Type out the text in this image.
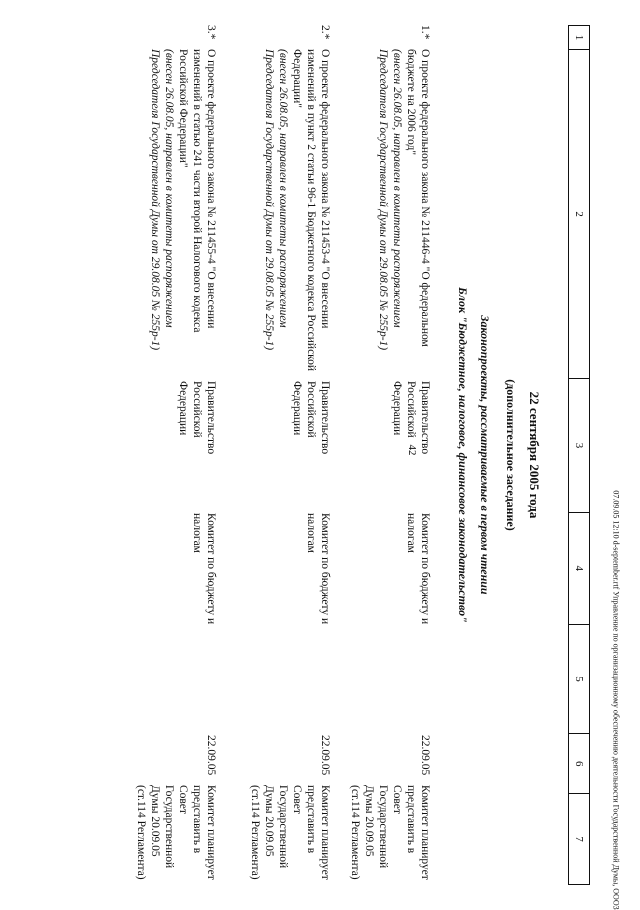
42
07.09.05 12:10 d-september.rtf Управление по организационному обеспечению деятельности Государственной Думы, ООО3
1
2
3
4
5
6
7
22 сентября 2005 года
(дополнительное заседание)
Законопроекты, рассматриваемые в первом чтении
Блок "Бюджетное, налоговое, финансовое законодательство"
1.*
О проекте федерального закона № 211446-4 "О федеральном бюджете на 2006 год"
(внесен 26.08.05, направлен в комитеты распоряжением Председателя Государственной Думы от 29.08.05 № 255р-1)
Правительство Российской Федерации
Комитет по бюджету и налогам
22.09.05
Комитет планирует представить в Совет Государственной Думы 20.09.05 (ст.114 Регламента)
2.*
О проекте федерального закона № 211453-4 "О внесении изменений в пункт 2 статьи 96-1 Бюджетного кодекса Российской Федерации"
(внесен 26.08.05, направлен в комитеты распоряжением Председателя Государственной Думы от 29.08.05 № 255р-1)
Правительство Российской Федерации
Комитет по бюджету и налогам
22.09.05
Комитет планирует представить в Совет Государственной Думы 20.09.05 (ст.114 Регламента)
3.*
О проекте федерального закона № 211455-4 "О внесении изменений в статью 241 части второй Налогового кодекса Российской Федерации"
(внесен 26.08.05, направлен в комитеты распоряжением Председателя Государственной Думы от 29.08.05 № 255р-1)
Правительство Российской Федерации
Комитет по бюджету и налогам
22.09.05
Комитет планирует представить в Совет Государственной Думы 20.09.05 (ст.114 Регламента)
